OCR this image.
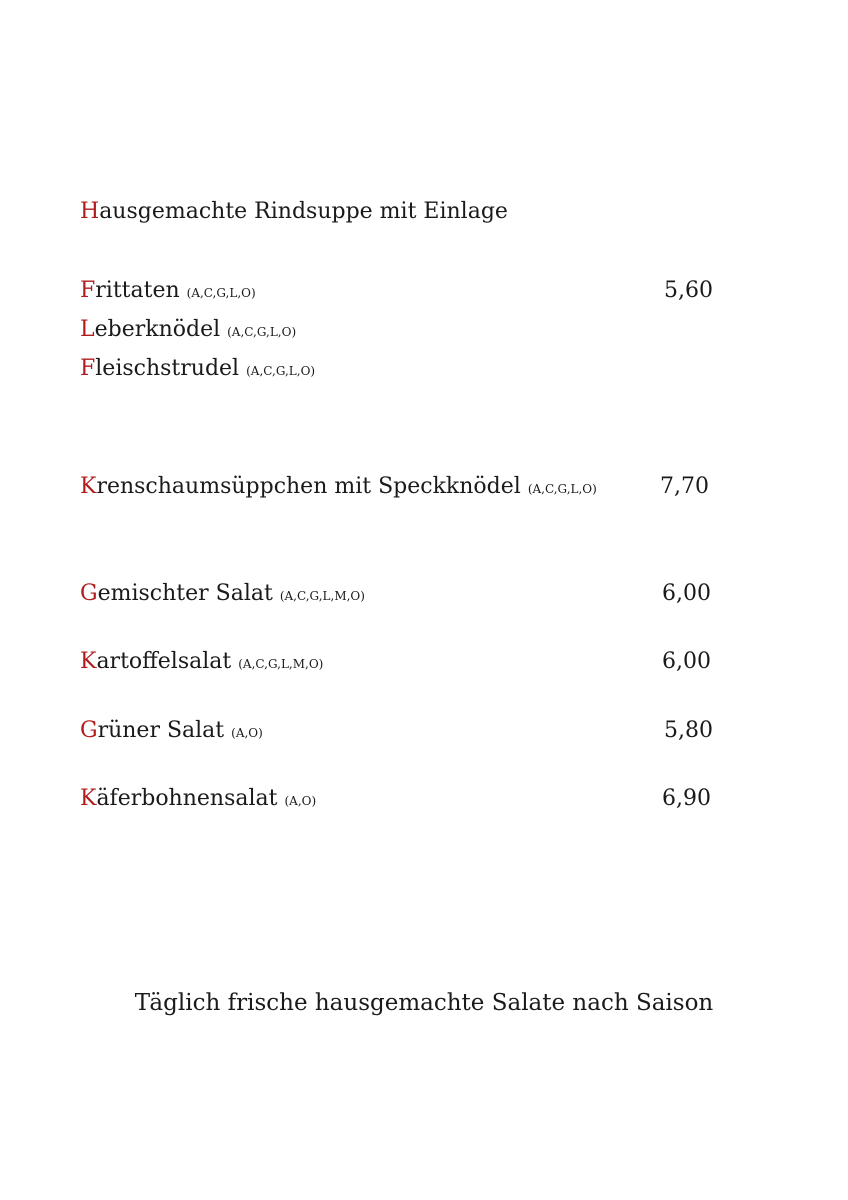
Hausgemachte Rindsuppe mit Einlage
Frittaten (A,C,G,L,O)	5,60
Leberknödel (A,C,G,L,O)
Fleischstrudel (A,C,G,L,O)
Krenschaumsüppchen mit Speckknödel (A,C,G,L,O)	7,70
Gemischter Salat (A,C,G,L,M,O)	6,00
Kartoffelsalat (A,C,G,L,M,O)	6,00
Grüner Salat (A,O)	5,80
Käferbohnensalat (A,O)	6,90
Täglich frische hausgemachte Salate nach Saison
